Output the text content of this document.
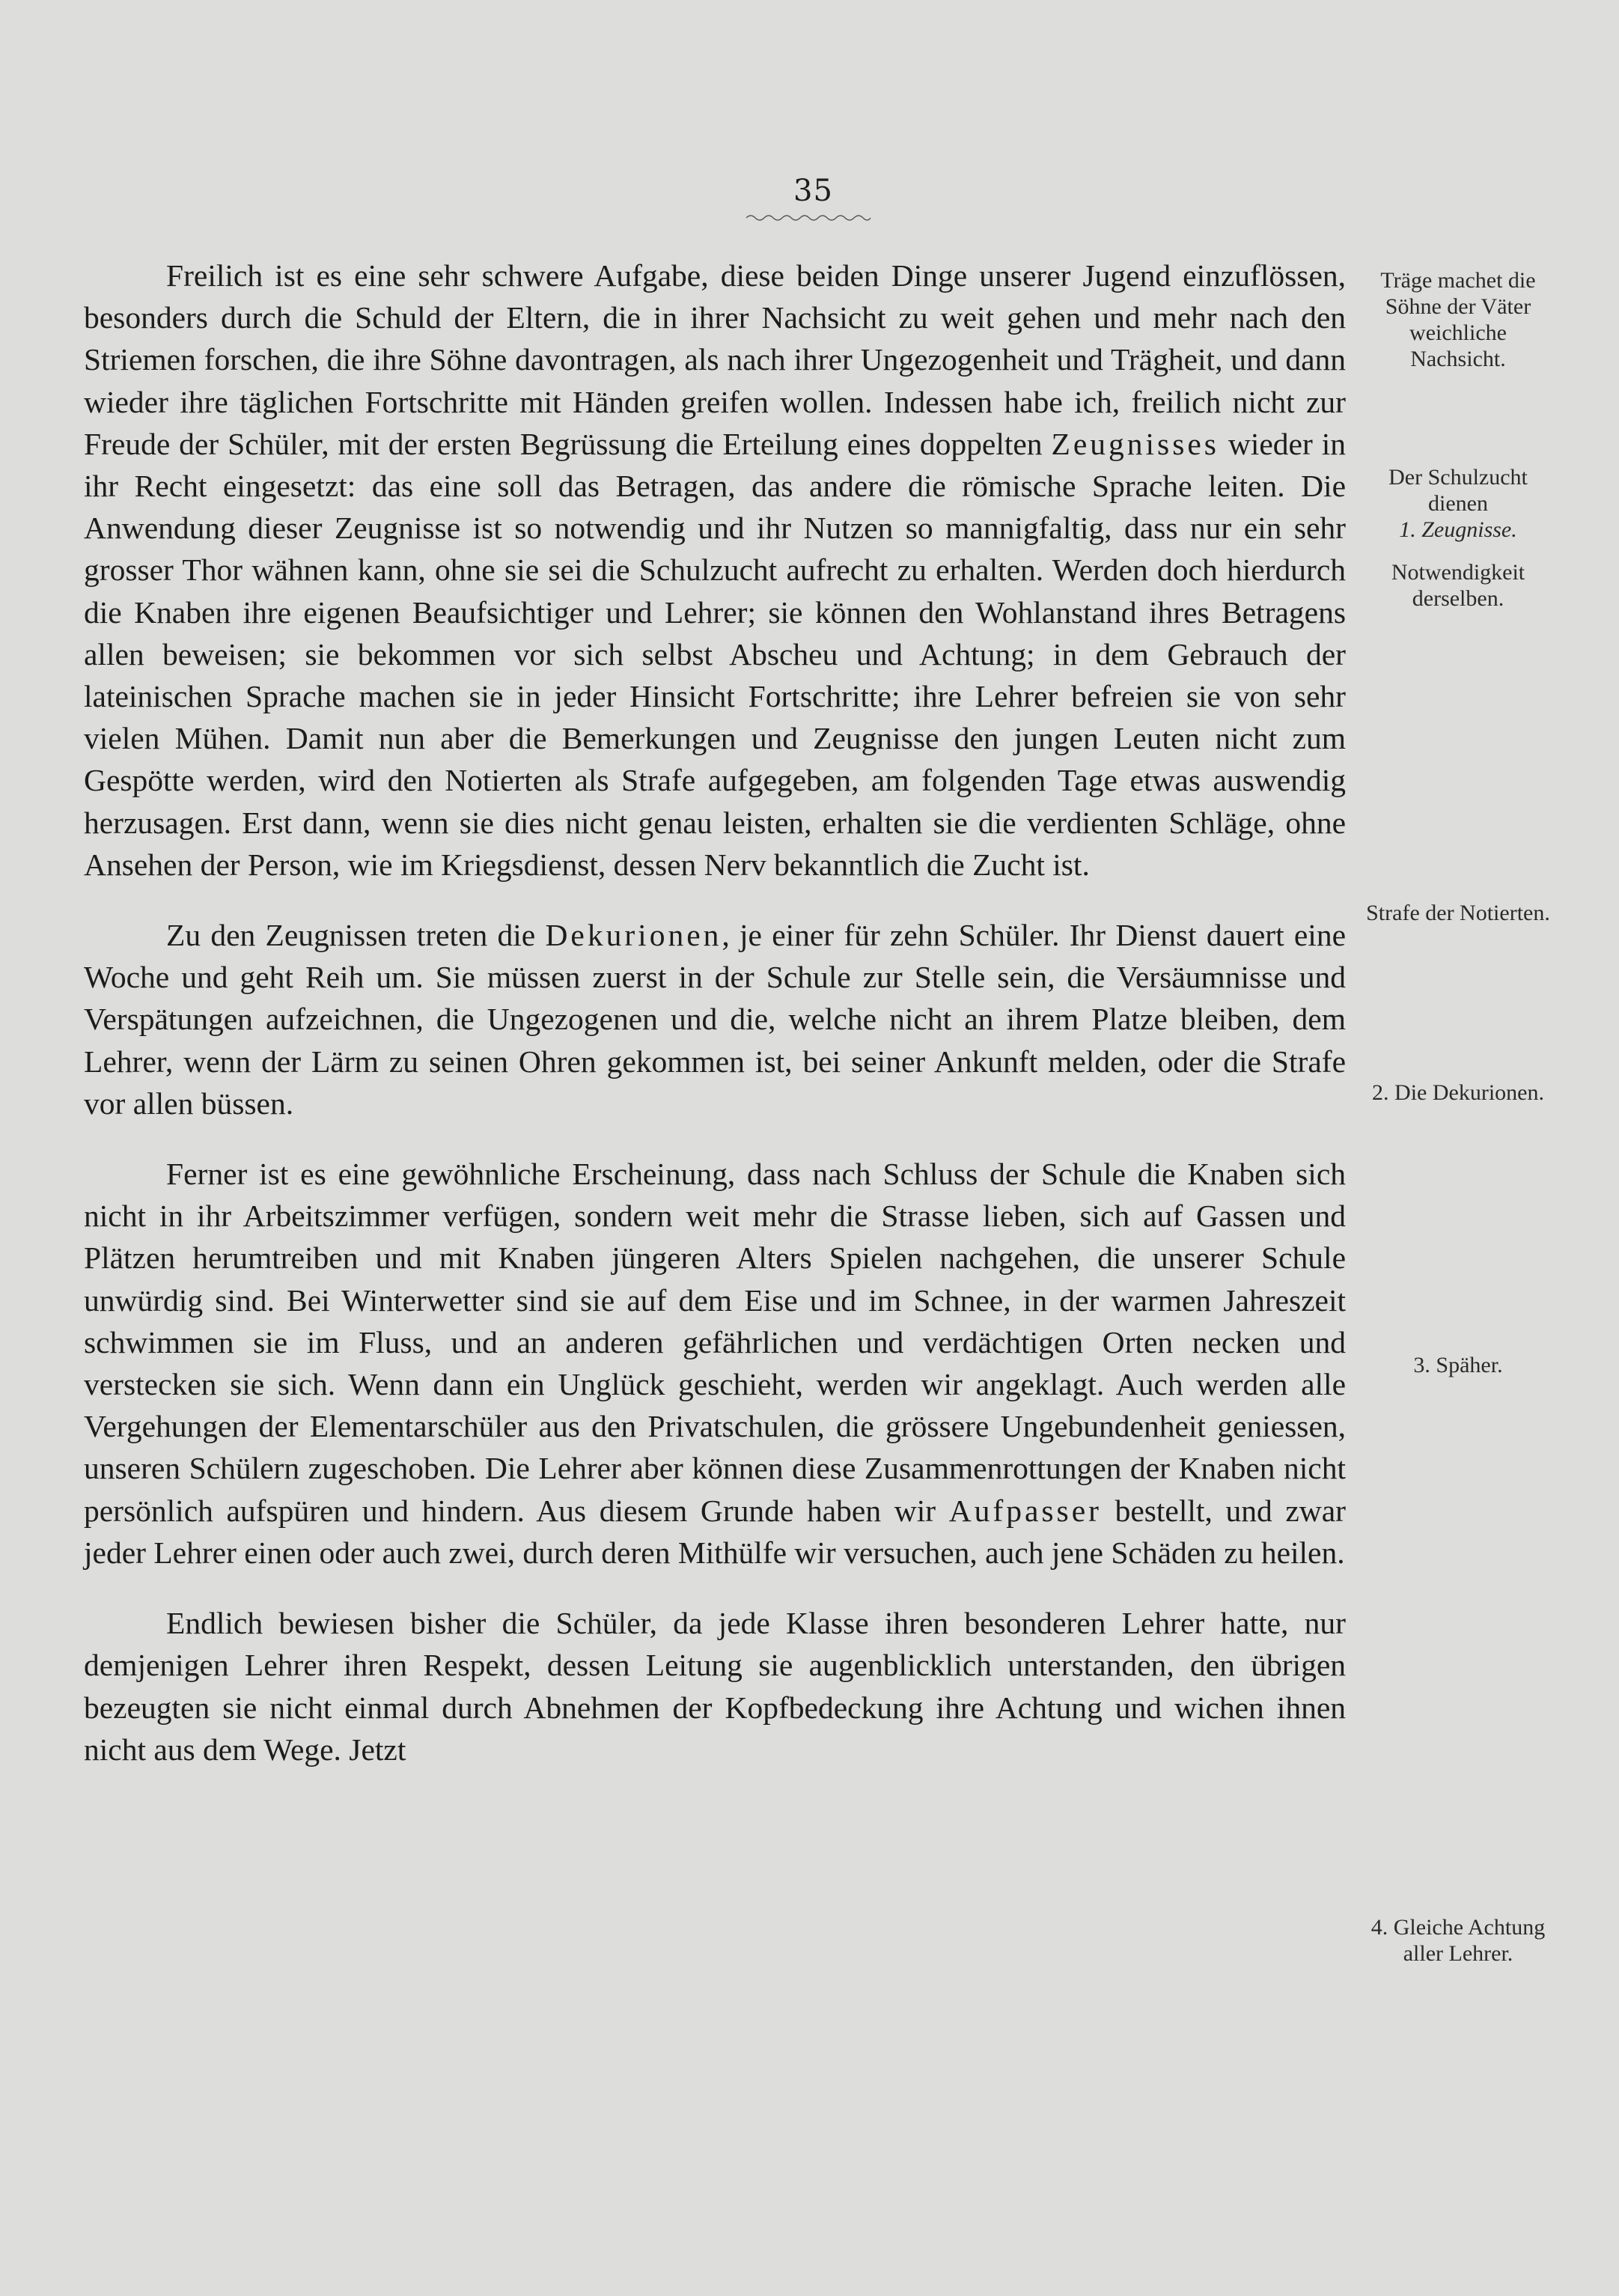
35

Freilich ist es eine sehr schwere Aufgabe, diese beiden Dinge unserer Jugend einzuflössen, besonders durch die Schuld der Eltern, die in ihrer Nachsicht zu weit gehen und mehr nach den Striemen forschen, die ihre Söhne davontragen, als nach ihrer Ungezogenheit und Trägheit, und dann wieder ihre täglichen Fortschritte mit Händen greifen wollen. Indessen habe ich, freilich nicht zur Freude der Schüler, mit der ersten Begrüssung die Erteilung eines doppelten Zeugnisses wieder in ihr Recht eingesetzt: das eine soll das Betragen, das andere die römische Sprache leiten. Die Anwendung dieser Zeugnisse ist so notwendig und ihr Nutzen so mannigfaltig, dass nur ein sehr grosser Thor wähnen kann, ohne sie sei die Schulzucht aufrecht zu erhalten. Werden doch hierdurch die Knaben ihre eigenen Beaufsichtiger und Lehrer; sie können den Wohlanstand ihres Betragens allen beweisen; sie bekommen vor sich selbst Abscheu und Achtung; in dem Gebrauch der lateinischen Sprache machen sie in jeder Hinsicht Fortschritte; ihre Lehrer befreien sie von sehr vielen Mühen. Damit nun aber die Bemerkungen und Zeugnisse den jungen Leuten nicht zum Gespötte werden, wird den Notierten als Strafe aufgegeben, am folgenden Tage etwas auswendig herzusagen. Erst dann, wenn sie dies nicht genau leisten, erhalten sie die verdienten Schläge, ohne Ansehen der Person, wie im Kriegsdienst, dessen Nerv bekanntlich die Zucht ist.

Zu den Zeugnissen treten die Dekurionen, je einer für zehn Schüler. Ihr Dienst dauert eine Woche und geht Reih um. Sie müssen zuerst in der Schule zur Stelle sein, die Versäumnisse und Verspätungen aufzeichnen, die Ungezogenen und die, welche nicht an ihrem Platze bleiben, dem Lehrer, wenn der Lärm zu seinen Ohren gekommen ist, bei seiner Ankunft melden, oder die Strafe vor allen büssen.

Ferner ist es eine gewöhnliche Erscheinung, dass nach Schluss der Schule die Knaben sich nicht in ihr Arbeitszimmer verfügen, sondern weit mehr die Strasse lieben, sich auf Gassen und Plätzen herumtreiben und mit Knaben jüngeren Alters Spielen nachgehen, die unserer Schule unwürdig sind. Bei Winterwetter sind sie auf dem Eise und im Schnee, in der warmen Jahreszeit schwimmen sie im Fluss, und an anderen gefährlichen und verdächtigen Orten necken und verstecken sie sich. Wenn dann ein Unglück geschieht, werden wir angeklagt. Auch werden alle Vergehungen der Elementarschüler aus den Privatschulen, die grössere Ungebundenheit geniessen, unseren Schülern zugeschoben. Die Lehrer aber können diese Zusammenrottungen der Knaben nicht persönlich aufspüren und hindern. Aus diesem Grunde haben wir Aufpasser bestellt, und zwar jeder Lehrer einen oder auch zwei, durch deren Mithülfe wir versuchen, auch jene Schäden zu heilen.

Endlich bewiesen bisher die Schüler, da jede Klasse ihren besonderen Lehrer hatte, nur demjenigen Lehrer ihren Respekt, dessen Leitung sie augenblicklich unterstanden, den übrigen bezeugten sie nicht einmal durch Abnehmen der Kopfbedeckung ihre Achtung und wichen ihnen nicht aus dem Wege. Jetzt

Träge machet die Söhne der Väter weichliche Nachsicht.
Der Schulzucht dienen
1. Zeugnisse.
Notwendigkeit derselben.
Strafe der Notierten.
2. Die Dekurionen.
3. Späher.
4. Gleiche Achtung aller Lehrer.
